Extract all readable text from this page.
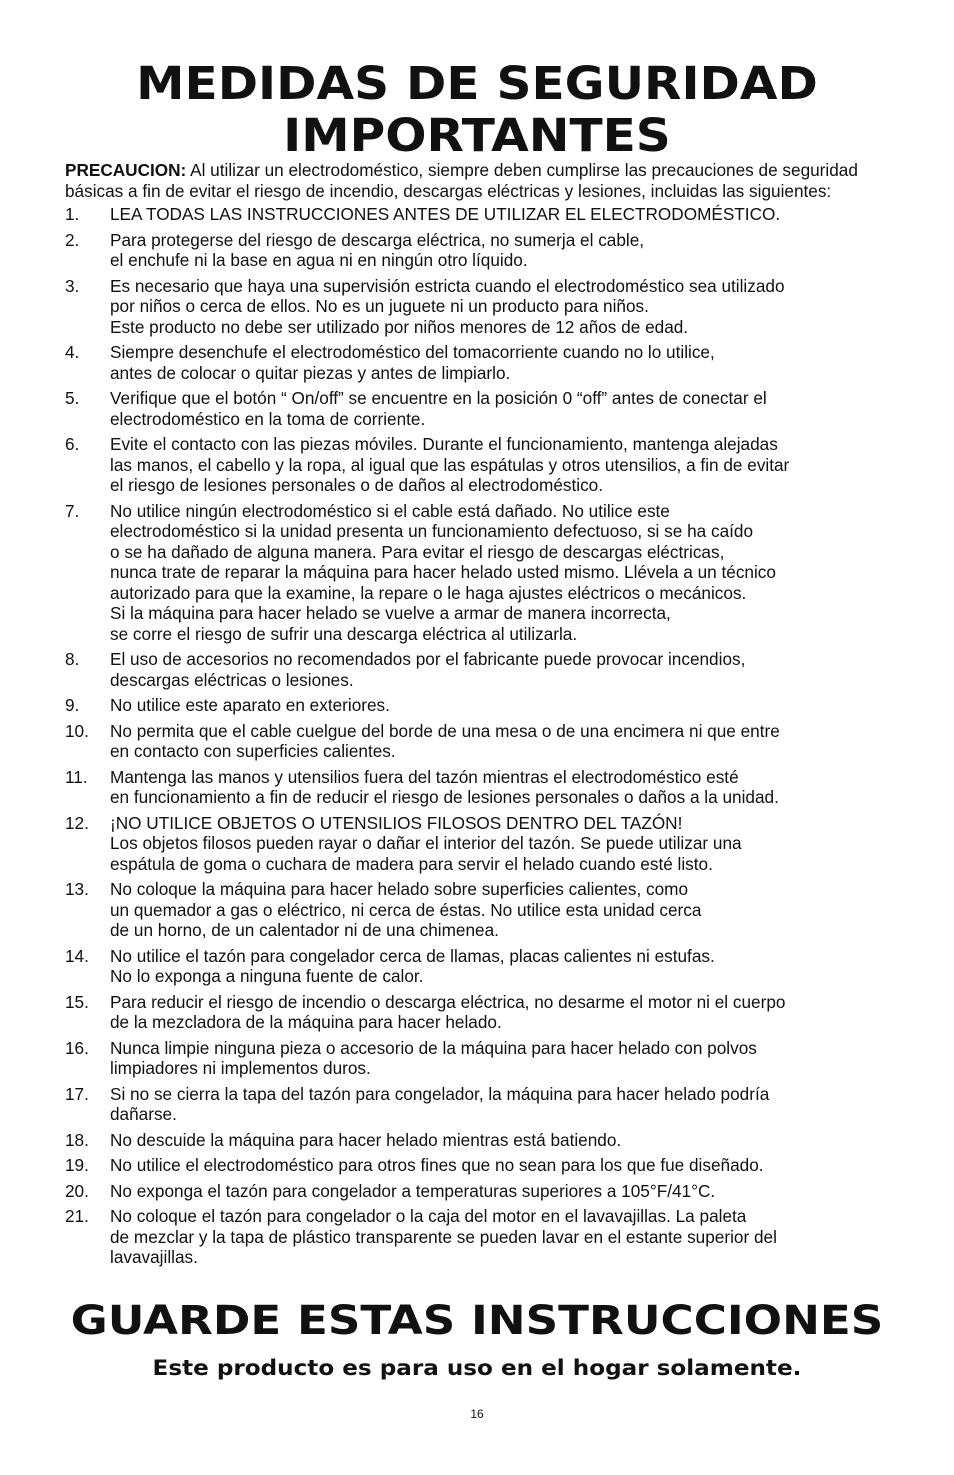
MEDIDAS DE SEGURIDAD
IMPORTANTES

PRECAUCION: Al utilizar un electrodoméstico, siempre deben cumplirse las precauciones de seguridad básicas a fin de evitar el riesgo de incendio, descargas eléctricas y lesiones, incluidas las siguientes:

1. LEA TODAS LAS INSTRUCCIONES ANTES DE UTILIZAR EL ELECTRODOMÉSTICO.
2. Para protegerse del riesgo de descarga eléctrica, no sumerja el cable,
el enchufe ni la base en agua ni en ningún otro líquido.
3. Es necesario que haya una supervisión estricta cuando el electrodoméstico sea utilizado
por niños o cerca de ellos. No es un juguete ni un producto para niños.
Este producto no debe ser utilizado por niños menores de 12 años de edad.
4. Siempre desenchufe el electrodoméstico del tomacorriente cuando no lo utilice,
antes de colocar o quitar piezas y antes de limpiarlo.
5. Verifique que el botón “ On/off” se encuentre en la posición 0 “off” antes de conectar el
electrodoméstico en la toma de corriente.
6. Evite el contacto con las piezas móviles. Durante el funcionamiento, mantenga alejadas
las manos, el cabello y la ropa, al igual que las espátulas y otros utensilios, a fin de evitar
el riesgo de lesiones personales o de daños al electrodoméstico.
7. No utilice ningún electrodoméstico si el cable está dañado. No utilice este
electrodoméstico si la unidad presenta un funcionamiento defectuoso, si se ha caído
o se ha dañado de alguna manera. Para evitar el riesgo de descargas eléctricas,
nunca trate de reparar la máquina para hacer helado usted mismo. Llévela a un técnico
autorizado para que la examine, la repare o le haga ajustes eléctricos o mecánicos.
Si la máquina para hacer helado se vuelve a armar de manera incorrecta,
se corre el riesgo de sufrir una descarga eléctrica al utilizarla.
8. El uso de accesorios no recomendados por el fabricante puede provocar incendios,
descargas eléctricas o lesiones.
9. No utilice este aparato en exteriores.
10. No permita que el cable cuelgue del borde de una mesa o de una encimera ni que entre
en contacto con superficies calientes.
11. Mantenga las manos y utensilios fuera del tazón mientras el electrodoméstico esté
en funcionamiento a fin de reducir el riesgo de lesiones personales o daños a la unidad.
12. ¡NO UTILICE OBJETOS O UTENSILIOS FILOSOS DENTRO DEL TAZÓN!
Los objetos filosos pueden rayar o dañar el interior del tazón. Se puede utilizar una
espátula de goma o cuchara de madera para servir el helado cuando esté listo.
13. No coloque la máquina para hacer helado sobre superficies calientes, como
un quemador a gas o eléctrico, ni cerca de éstas. No utilice esta unidad cerca
de un horno, de un calentador ni de una chimenea.
14. No utilice el tazón para congelador cerca de llamas, placas calientes ni estufas.
No lo exponga a ninguna fuente de calor.
15. Para reducir el riesgo de incendio o descarga eléctrica, no desarme el motor ni el cuerpo
de la mezcladora de la máquina para hacer helado.
16. Nunca limpie ninguna pieza o accesorio de la máquina para hacer helado con polvos
limpiadores ni implementos duros.
17. Si no se cierra la tapa del tazón para congelador, la máquina para hacer helado podría
dañarse.
18. No descuide la máquina para hacer helado mientras está batiendo.
19. No utilice el electrodoméstico para otros fines que no sean para los que fue diseñado.
20. No exponga el tazón para congelador a temperaturas superiores a 105°F/41°C.
21. No coloque el tazón para congelador o la caja del motor en el lavavajillas. La paleta
de mezclar y la tapa de plástico transparente se pueden lavar en el estante superior del
lavavajillas.
GUARDE ESTAS INSTRUCCIONES
Este producto es para uso en el hogar solamente.
16
